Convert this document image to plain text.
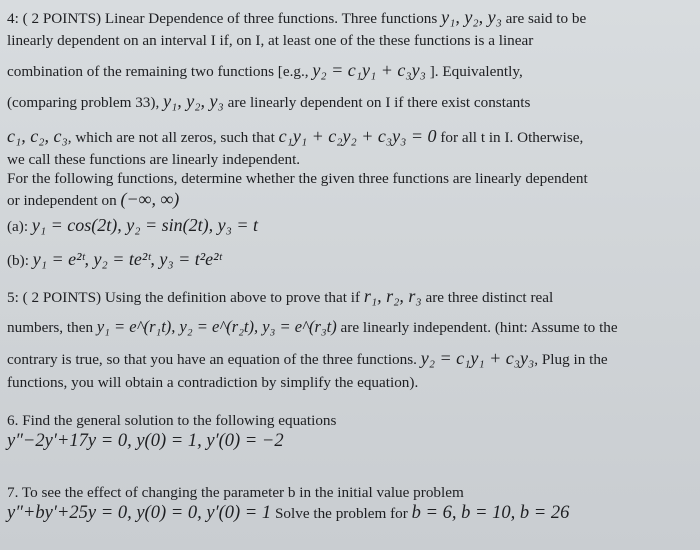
4: ( 2 POINTS) Linear Dependence of three functions. Three functions y₁, y₂, y₃ are said to be
linearly dependent on an interval I if, on I, at least one of the these functions is a linear
combination of the remaining two functions [e.g., y₂ = c₁y₁ + c₃y₃ ]. Equivalently,
(comparing problem 33), y₁, y₂, y₃ are linearly dependent on I if there exist constants
c₁, c₂, c₃, which are not all zeros, such that c₁y₁ + c₂y₂ + c₃y₃ = 0 for all t in I. Otherwise,
we call these functions are linearly independent.
For the following functions, determine whether the given three functions are linearly dependent
or independent on (−∞, ∞)
(a): y₁ = cos(2t), y₂ = sin(2t), y₃ = t
(b): y₁ = e²ᵗ, y₂ = te²ᵗ, y₃ = t²e²ᵗ
5: ( 2 POINTS) Using the definition above to prove that if r₁, r₂, r₃ are three distinct real
numbers, then y₁ = e^(r₁t), y₂ = e^(r₂t), y₃ = e^(r₃t) are linearly independent. (hint: Assume to the
contrary is true, so that you have an equation of the three functions. y₂ = c₁y₁ + c₃y₃, Plug in the
functions, you will obtain a contradiction by simplify the equation).
6. Find the general solution to the following equations
y″−2y′+17y = 0, y(0) = 1, y′(0) = −2
7. To see the effect of changing the parameter b in the initial value problem
y″+by′+25y = 0, y(0) = 0, y′(0) = 1 Solve the problem for b = 6, b = 10, b = 26
